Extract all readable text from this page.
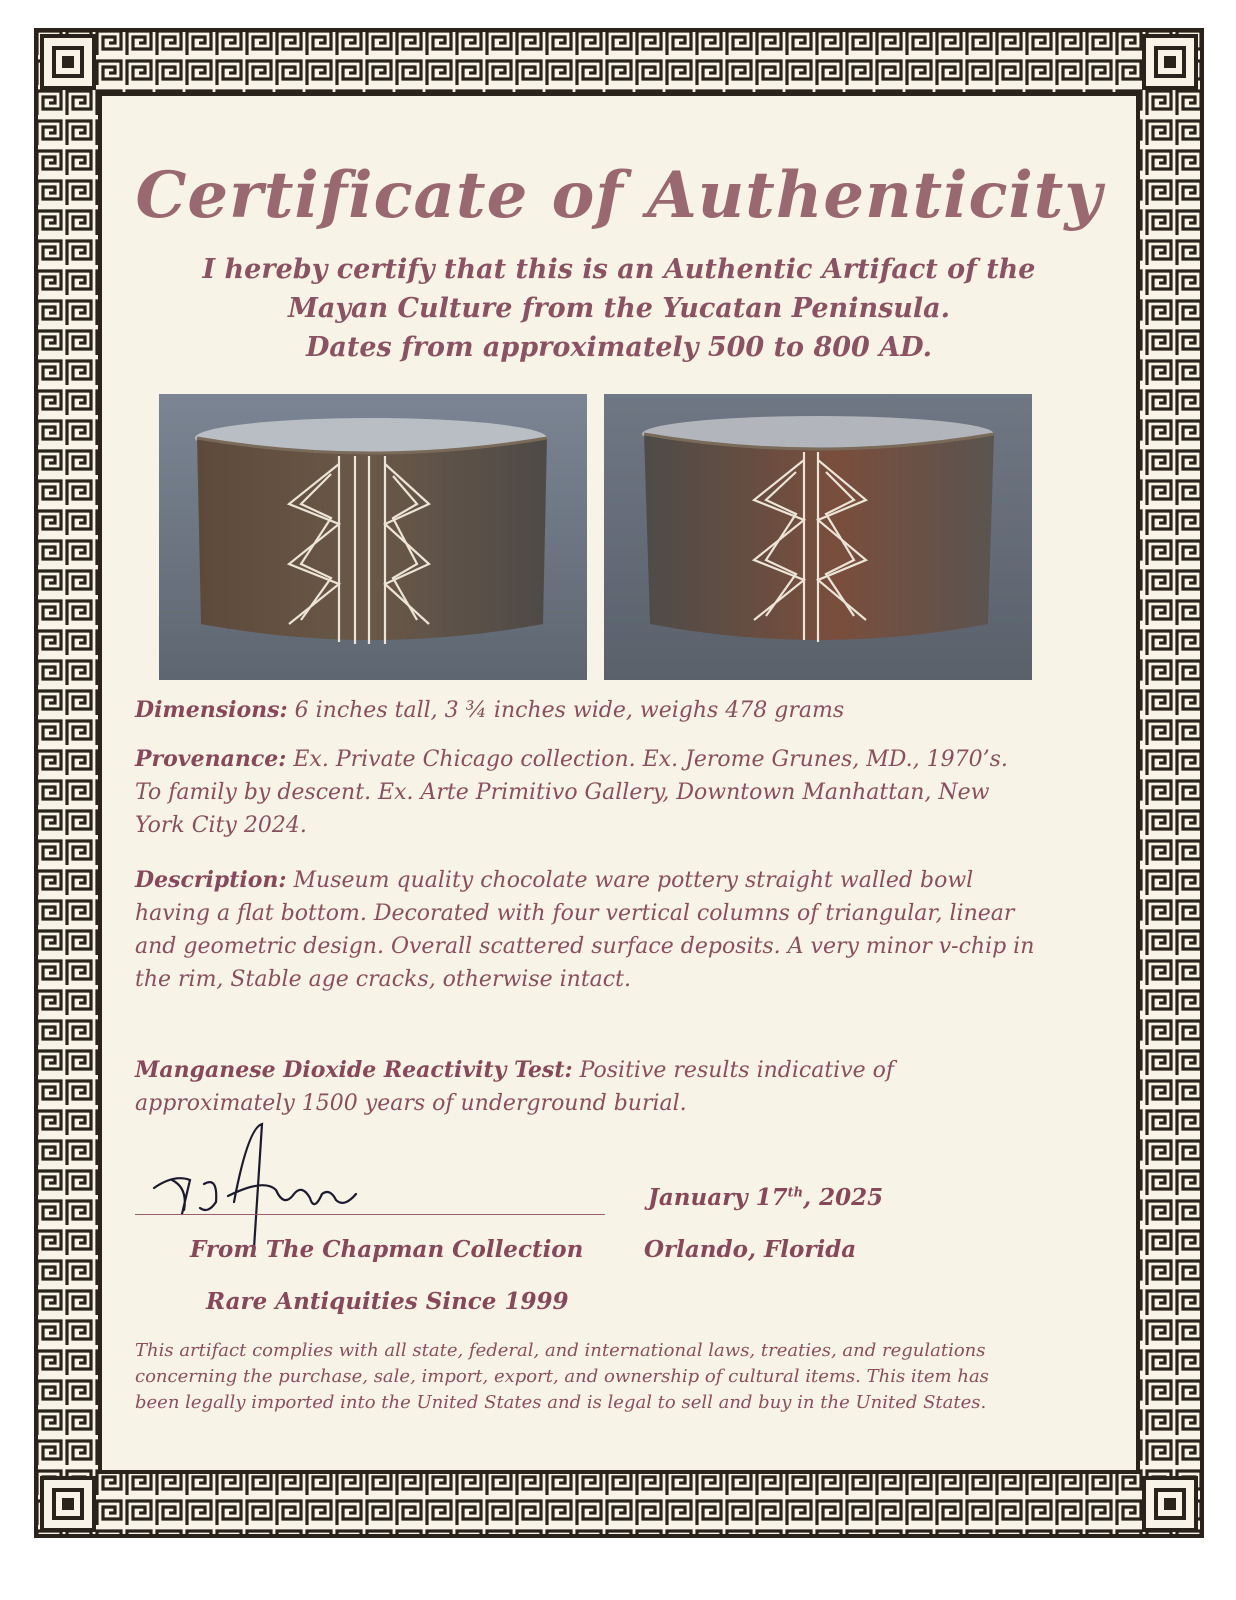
Certificate of Authenticity
I hereby certify that this is an Authentic Artifact of the
Mayan Culture from the Yucatan Peninsula.
Dates from approximately 500 to 800 AD.
Dimensions: 6 inches tall, 3 ¾ inches wide, weighs 478 grams
Provenance: Ex. Private Chicago collection. Ex. Jerome Grunes, MD., 1970’s. To family by descent. Ex. Arte Primitivo Gallery, Downtown Manhattan, New York City 2024.
Description: Museum quality chocolate ware pottery straight walled bowl having a flat bottom. Decorated with four vertical columns of triangular, linear and geometric design. Overall scattered surface deposits. A very minor v-chip in the rim, Stable age cracks, otherwise intact.
Manganese Dioxide Reactivity Test: Positive results indicative of approximately 1500 years of underground burial.
From The Chapman Collection
Rare Antiquities Since 1999
January 17th, 2025
Orlando, Florida
This artifact complies with all state, federal, and international laws, treaties, and regulations concerning the purchase, sale, import, export, and ownership of cultural items. This item has been legally imported into the United States and is legal to sell and buy in the United States.
